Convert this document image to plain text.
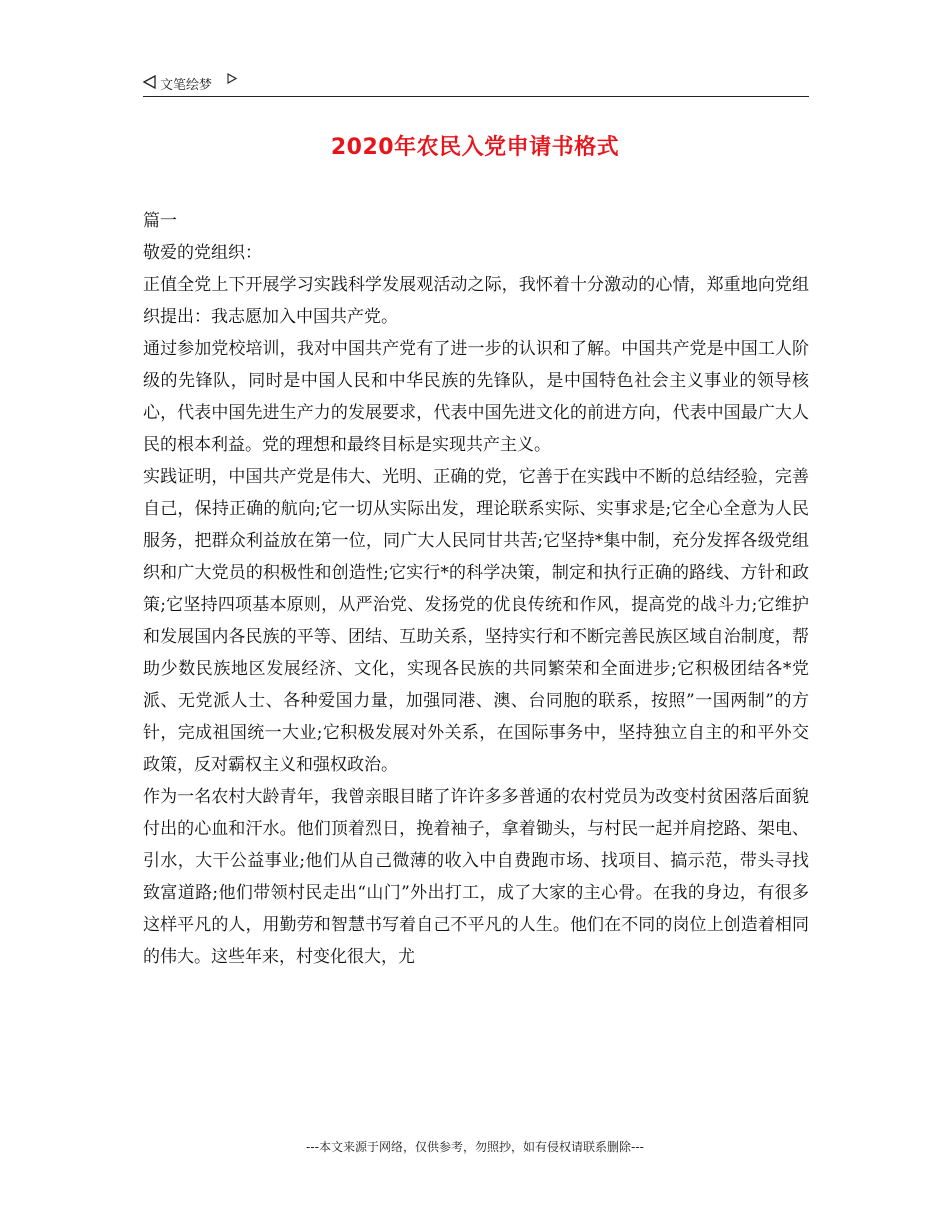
文笔绘梦
2020年农民入党申请书格式

篇一

敬爱的党组织：

正值全党上下开展学习实践科学发展观活动之际，我怀着十分激动的心情，郑重地向党组织提出：我志愿加入中国共产党。

通过参加党校培训，我对中国共产党有了进一步的认识和了解。中国共产党是中国工人阶级的先锋队，同时是中国人民和中华民族的先锋队，是中国特色社会主义事业的领导核心，代表中国先进生产力的发展要求，代表中国先进文化的前进方向，代表中国最广大人民的根本利益。党的理想和最终目标是实现共产主义。

实践证明，中国共产党是伟大、光明、正确的党，它善于在实践中不断的总结经验，完善自己，保持正确的航向;它一切从实际出发，理论联系实际、实事求是;它全心全意为人民服务，把群众利益放在第一位，同广大人民同甘共苦;它坚持*集中制，充分发挥各级党组织和广大党员的积极性和创造性;它实行*的科学决策，制定和执行正确的路线、方针和政策;它坚持四项基本原则，从严治党、发扬党的优良传统和作风，提高党的战斗力;它维护和发展国内各民族的平等、团结、互助关系，坚持实行和不断完善民族区域自治制度，帮助少数民族地区发展经济、文化，实现各民族的共同繁荣和全面进步;它积极团结各*党派、无党派人士、各种爱国力量，加强同港、澳、台同胞的联系，按照”一国两制”的方针，完成祖国统一大业;它积极发展对外关系，在国际事务中，坚持独立自主的和平外交政策，反对霸权主义和强权政治。

作为一名农村大龄青年，我曾亲眼目睹了许许多多普通的农村党员为改变村贫困落后面貌付出的心血和汗水。他们顶着烈日，挽着袖子，拿着锄头，与村民一起并肩挖路、架电、引水，大干公益事业;他们从自己微薄的收入中自费跑市场、找项目、搞示范，带头寻找致富道路;他们带领村民走出“山门”外出打工，成了大家的主心骨。在我的身边，有很多这样平凡的人，用勤劳和智慧书写着自己不平凡的人生。他们在不同的岗位上创造着相同的伟大。这些年来，村变化很大，尤

---本文来源于网络，仅供参考，勿照抄，如有侵权请联系删除---
